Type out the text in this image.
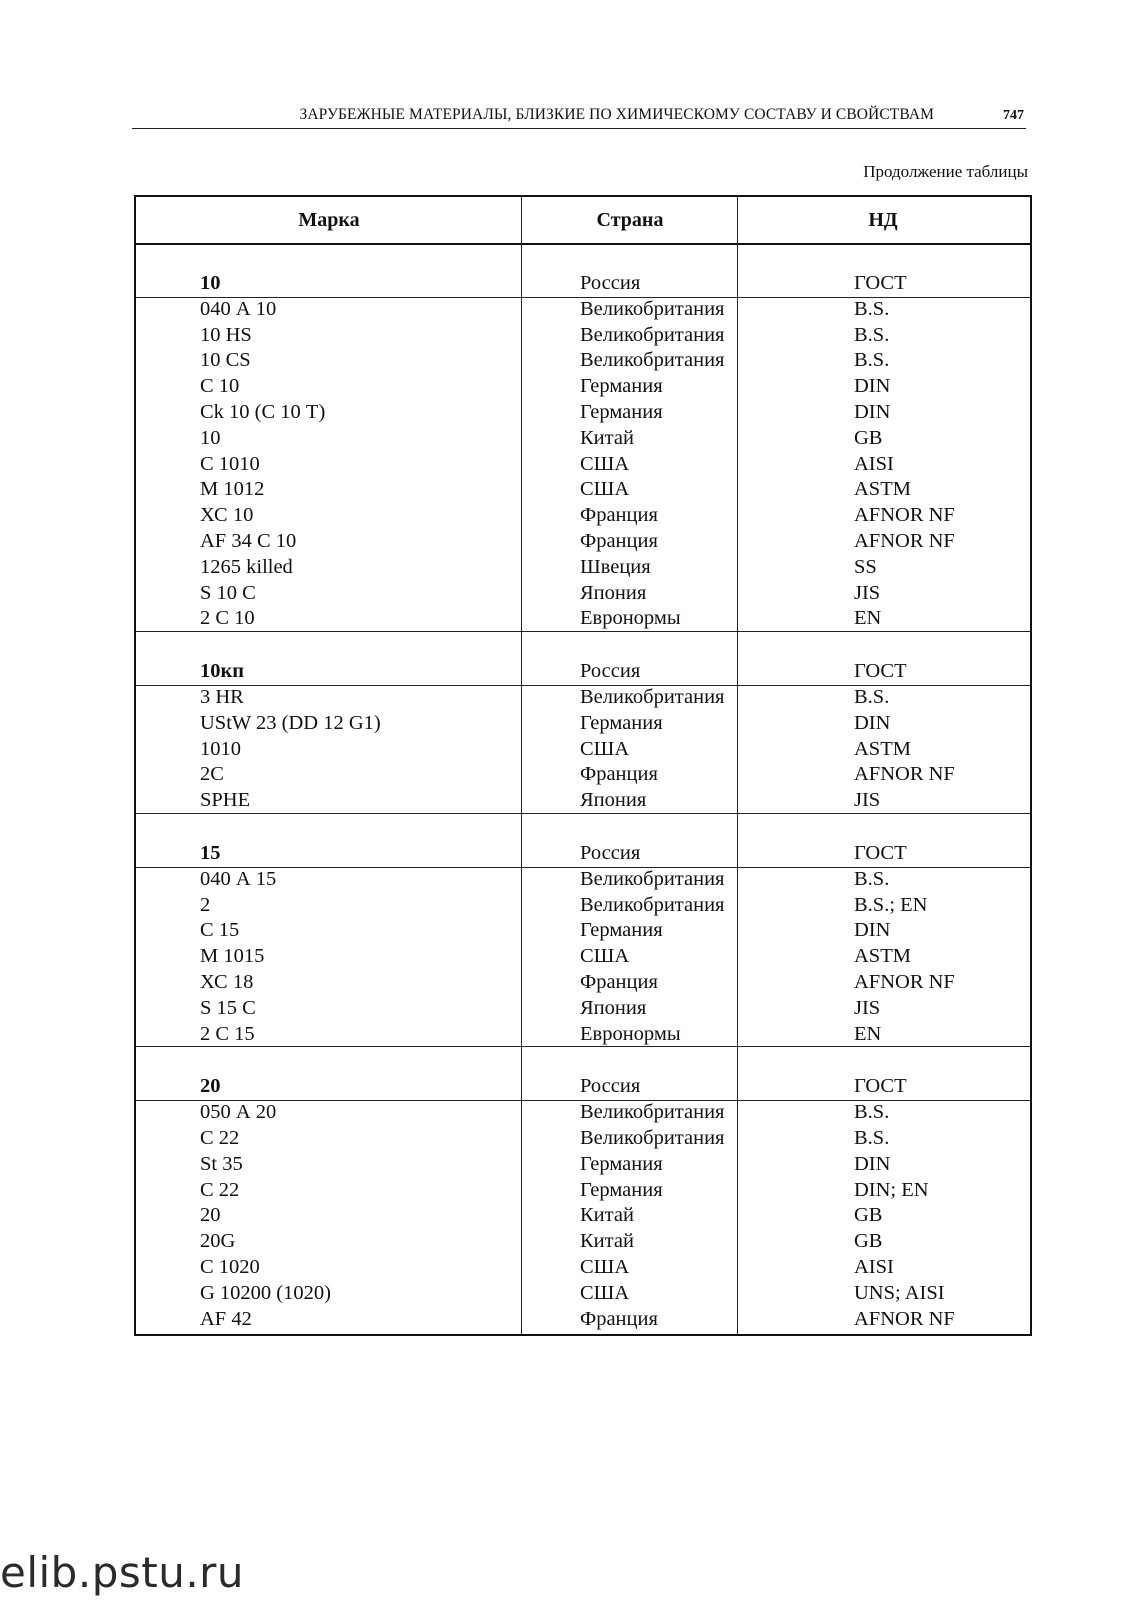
ЗАРУБЕЖНЫЕ МАТЕРИАЛЫ, БЛИЗКИЕ ПО ХИМИЧЕСКОМУ СОСТАВУ И СВОЙСТВАМ	747
Продолжение таблицы
Марка	Страна	НД
10	Россия	ГОСТ
040 А 10	Великобритания	B.S.
10 HS	Великобритания	B.S.
10 CS	Великобритания	B.S.
С 10	Германия	DIN
Ck 10 (С 10 Т)	Германия	DIN
10	Китай	GB
С 1010	США	AISI
М 1012	США	ASTM
ХС 10	Франция	AFNOR NF
AF 34 С 10	Франция	AFNOR NF
1265 killed	Швеция	SS
S 10 С	Япония	JIS
2 С 10	Евронормы	EN
10кп	Россия	ГОСТ
3 HR	Великобритания	B.S.
UStW 23 (DD 12 G1)	Германия	DIN
1010	США	ASTM
2C	Франция	AFNOR NF
SPHE	Япония	JIS
15	Россия	ГОСТ
040 А 15	Великобритания	B.S.
2	Великобритания	B.S.; EN
С 15	Германия	DIN
М 1015	США	ASTM
ХС 18	Франция	AFNOR NF
S 15 С	Япония	JIS
2 С 15	Евронормы	EN
20	Россия	ГОСТ
050 А 20	Великобритания	B.S.
С 22	Великобритания	B.S.
St 35	Германия	DIN
С 22	Германия	DIN; EN
20	Китай	GB
20G	Китай	GB
С 1020	США	AISI
G 10200 (1020)	США	UNS; AISI
AF 42	Франция	AFNOR NF
elib.pstu.ru
